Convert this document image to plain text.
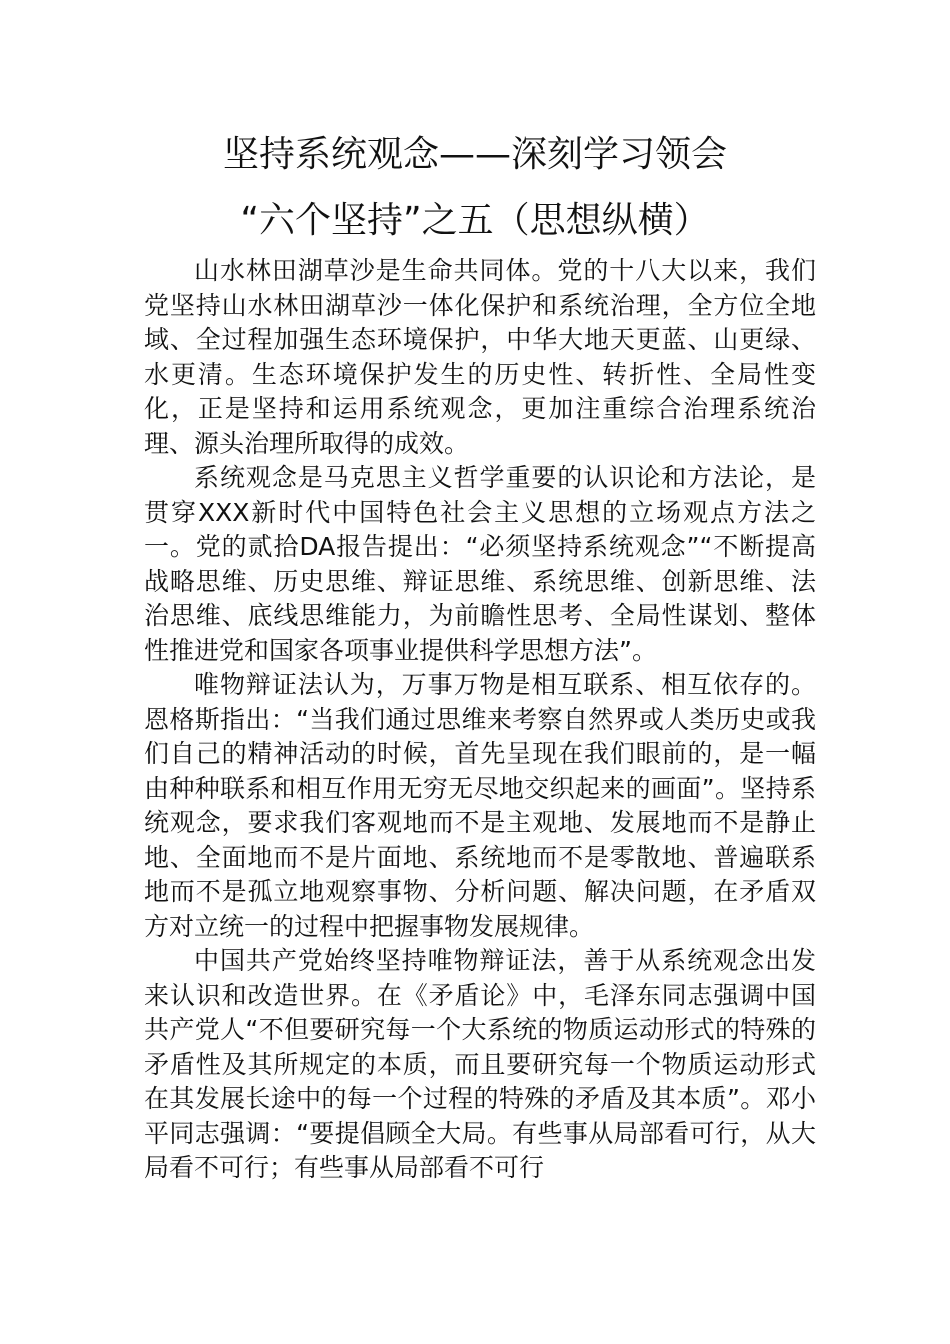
坚持系统观念——深刻学习领会
“六个坚持”之五（思想纵横）

山水林田湖草沙是生命共同体。党的十八大以来，我们党坚持山水林田湖草沙一体化保护和系统治理，全方位全地域、全过程加强生态环境保护，中华大地天更蓝、山更绿、水更清。生态环境保护发生的历史性、转折性、全局性变化，正是坚持和运用系统观念，更加注重综合治理系统治理、源头治理所取得的成效。

系统观念是马克思主义哲学重要的认识论和方法论，是贯穿XXX新时代中国特色社会主义思想的立场观点方法之一。党的贰拾DA报告提出：“必须坚持系统观念”“不断提高战略思维、历史思维、辩证思维、系统思维、创新思维、法治思维、底线思维能力，为前瞻性思考、全局性谋划、整体性推进党和国家各项事业提供科学思想方法”。

唯物辩证法认为，万事万物是相互联系、相互依存的。恩格斯指出：“当我们通过思维来考察自然界或人类历史或我们自己的精神活动的时候，首先呈现在我们眼前的，是一幅由种种联系和相互作用无穷无尽地交织起来的画面”。坚持系统观念，要求我们客观地而不是主观地、发展地而不是静止地、全面地而不是片面地、系统地而不是零散地、普遍联系地而不是孤立地观察事物、分析问题、解决问题，在矛盾双方对立统一的过程中把握事物发展规律。

中国共产党始终坚持唯物辩证法，善于从系统观念出发来认识和改造世界。在《矛盾论》中，毛泽东同志强调中国共产党人“不但要研究每一个大系统的物质运动形式的特殊的矛盾性及其所规定的本质，而且要研究每一个物质运动形式在其发展长途中的每一个过程的特殊的矛盾及其本质”。邓小平同志强调：“要提倡顾全大局。有些事从局部看可行，从大局看不可行；有些事从局部看不可行
